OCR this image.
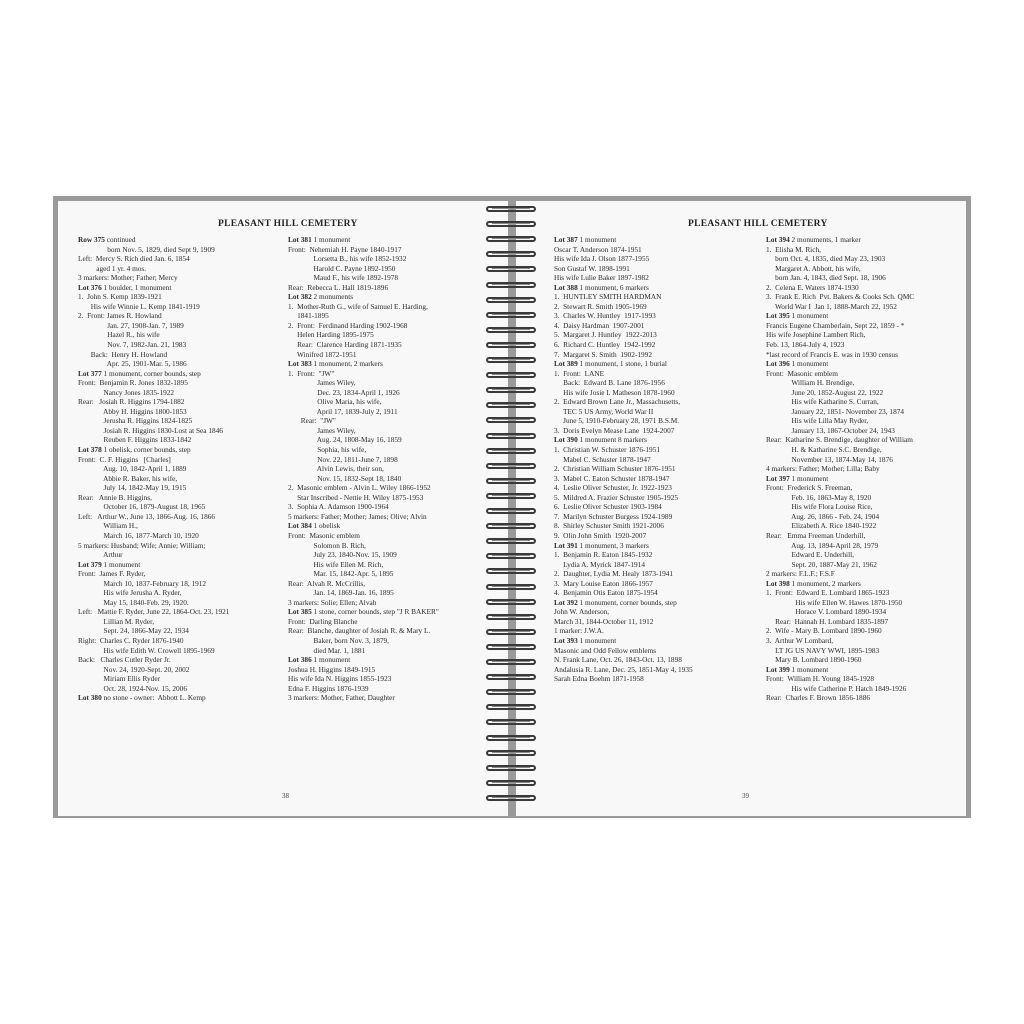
PLEASANT HILL CEMETERY
Row 375 continued
born Nov. 5, 1829, died Sept 9, 1909
Left:  Mercy S. Rich died Jan. 6, 1854
aged 1 yr. 4 mos.
3 markers: Mother; Father; Mercy
Lot 376 1 boulder, 1 monument
1.  John S. Kemp 1839-1921
His wife Winnie L. Kemp 1841-1919
2.  Front: James R. Howland
Jan. 27, 1908-Jan. 7, 1989
Hazel R., his wife
Nov. 7, 1982-Jan. 21, 1983
Back:  Henry H. Howland
Apr. 25, 1901-Mar. 5, 1986
Lot 377 1 monument, corner bounds, step
Front:  Benjamin R. Jones 1832-1895
Nancy Jones 1835-1922
Rear:   Josiah R. Higgins 1794-1882
Abby H. Higgins 1800-1853
Jerusha R. Higgins 1824-1825
Josiah R. Higgins 1830-Lost at Sea 1846
Reuben F. Higgins 1833-1842
Lot 378 1 obelisk, corner bounds, step
Front:  C. F. Higgins   [Charles]
Aug. 10, 1842-April 1, 1889
Abbie R. Baker, his wife,
July 14, 1842-May 19, 1915
Rear:   Annie B. Higgins,
October 16, 1879-August 18, 1965
Left:   Arthur W., June 13, 1866-Aug. 16, 1866
William H.,
March 16, 1877-March 10, 1920
5 markers: Husband; Wife; Annie; William;
Arthur
Lot 379 1 monument
Front:  James F. Ryder,
March 10, 1837-February 18, 1912
His wife Jerusha A. Ryder,
May 15, 1840-Feb. 29, 1920.
Left:   Mattie F. Ryder, June 22, 1864-Oct. 23, 1921
Lillian M. Ryder,
Sept. 24, 1866-May 22, 1934
Right:  Charles C. Ryder 1876-1940
His wife Edith W. Crowell 1895-1969
Back:   Charles Cutler Ryder Jr.
Nov. 24, 1920-Sept. 20, 2002
Miriam Ellis Ryder
Oct. 28, 1924-Nov. 15, 2006
Lot 380 no stone - owner:  Abbott L. Kemp
Lot 381 1 monument
Front:  Nehemiah H. Payne 1840-1917
Lorsetta B., his wife 1852-1932
Harold C. Payne 1892-1950
Maud F., his wife 1892-1978
Rear:  Rebecca L. Hall 1819-1896
Lot 382 2 monuments
1.  Mother-Ruth G., wife of Samuel E. Harding,
1841-1895
2.  Front:  Ferdinand Harding 1902-1968
Helen Harding 1895-1975
Rear:  Clarence Harding 1871-1935
Winifred 1872-1951
Lot 383 1 monument, 2 markers
1.  Front:  "JW"
James Wiley,
Dec. 23, 1834-April 1, 1926
Olive Maria, his wife,
April 17, 1839-July 2, 1911
Rear:  "JW"
James Wiley,
Aug. 24, 1808-May 16, 1859
Sophia, his wife,
Nov. 22, 1811-June 7, 1898
Alvin Lewis, their son,
Nov. 15, 1832-Sept 18, 1840
2.  Masonic emblem - Alvin L. Wiley 1866-1952
Star Inscribed - Nettie H. Wiley 1875-1953
3.  Sophia A. Adamson 1900-1964
5 markers: Father; Mother; James; Olive; Alvin
Lot 384 1 obelisk
Front:  Masonic emblem
Solomon B. Rich,
July 23, 1840-Nov. 15, 1909
His wife Ellen M. Rich,
Mar. 15, 1842-Apr. 5, 1895
Rear:  Alvah R. McCrillis,
Jan. 14, 1869-Jan. 16, 1895
3 markers: Solie; Ellen; Alvah
Lot 385 1 stone, corner bounds, step "J R BAKER"
Front:  Darling Blanche
Rear:  Blanche, daughter of Josiah R. & Mary L.
Baker, born Nov. 3, 1879,
died Mar. 1, 1881
Lot 386 1 monument
Joshua H. Higgins 1849-1915
His wife Ida N. Higgins 1855-1923
Edna F. Higgins 1876-1939
3 markers: Mother, Father, Daughter
38
PLEASANT HILL CEMETERY
Lot 387 1 monument
Oscar T. Anderson 1874-1951
His wife Ida J. Olson 1877-1955
Son Gustaf W. 1898-1991
His wife Lulie Baker 1897-1982
Lot 388 1 monument, 6 markers
1.  HUNTLEY SMITH HARDMAN
2.  Stewart R. Smith 1905-1969
3.  Charles W. Huntley  1917-1993
4.  Daisy Hardman  1907-2001
5.  Margaret J. Huntley  1922-2013
6.  Richard C. Huntley  1942-1992
7.  Margaret S. Smith  1902-1992
Lot 389 1 monument, 1 stone, 1 burial
1.  Front:  LANE
Back:  Edward B. Lane 1876-1956
His wife Josie I. Matheson 1878-1960
2.  Edward Brown Lane Jr., Massachusetts,
TEC 5 US Army, World War II
June 5, 1910-February 28, 1971 B.S.M.
3.  Doris Evelyn Mease Lane  1924-2007
Lot 390 1 monument 8 markers
1.  Christian W. Schuster 1876-1951
Mabel C. Schuster 1878-1947
2.  Christian William Schuster 1876-1951
3.  Mabel C. Eaton Schuster 1878-1947
4.  Leslie Oliver Schuster, Jr. 1922-1923
5.  Mildred A. Frazier Schuster 1905-1925
6.  Leslie Oliver Schuster 1903-1984
7.  Marilyn Schuster Burgess 1924-1989
8.  Shirley Schuster Smith 1921-2006
9.  Olin John Smith  1920-2007
Lot 391 1 monument, 3 markers
1.  Benjamin R. Eaton 1845-1932
Lydia A. Myrick 1847-1914
2.  Daughter, Lydia M. Healy 1873-1941
3.  Mary Louise Eaton 1866-1957
4.  Benjamin Otis Eaton 1875-1954
Lot 392 1 monument, corner bounds, step
John W. Anderson,
March 31, 1844-October 11, 1912
1 marker: J.W.A.
Lot 393 1 monument
Masonic and Odd Fellow emblems
N. Frank Lane, Oct. 26, 1843-Oct. 13, 1898
Andalusia R. Lane, Dec. 25, 1851-May 4, 1935
Sarah Edna Boehm 1871-1958
Lot 394 2 monuments, 1 marker
1.  Elisha M. Rich,
born Oct. 4, 1835, died May 23, 1903
Margaret A. Abbott, his wife,
born Jan. 4, 1843, died Sept. 18, 1906
2.  Celena E. Waters 1874-1930
3.  Frank E. Rich  Pvt. Bakers & Cooks Sch. QMC
World War I  Jan 1, 1888-March 22, 1952
Lot 395 1 monument
Francis Eugene Chamberlain, Sept 22, 1859 - *
His wife Josephine Lambert Rich,
Feb. 13, 1864-July 4, 1923
*last record of Francis E. was in 1930 census
Lot 396 1 monument
Front:  Masonic emblem
William H. Brendige,
June 20, 1852-August 22, 1922
His wife Katharine S. Curran,
January 22, 1851- November 23, 1874
His wife Lilla May Ryder,
January 13, 1867-October 24, 1943
Rear:  Katharine S. Brendige, daughter of William
H. & Katharine S.C. Brendige,
November 13, 1874-May 14, 1876
4 markers: Father; Mother; Lilla; Baby
Lot 397 1 monument
Front:  Frederick S. Freeman,
Feb. 16, 1863-May 8, 1920
His wife Flora Louise Rice,
Aug. 26, 1866 - Feb. 24, 1904
Elizabeth A. Rice 1840-1922
Rear:   Emma Freeman Underhill,
Aug. 13, 1894-April 28, 1979
Edward E. Underhill,
Sept. 20, 1887-May 21, 1962
2 markers: F.L.F.; F.S.F
Lot 398 1 monument, 2 markers
1.  Front:  Edward E. Lombard 1865-1923
His wife Ellen W. Hawes 1870-1950
Horace V. Lombard 1890-1934
Rear:  Hannah H. Lombard 1835-1897
2.  Wife - Mary B. Lombard 1890-1960
3.  Arthur W Lombard,
LT JG US NAVY WWI, 1895-1983
Mary B. Lombard 1890-1960
Lot 399 1 monument
Front:  William H. Young 1845-1928
His wife Catherine P. Hatch 1849-1926
Rear:  Charles F. Brown 1856-1886
39
